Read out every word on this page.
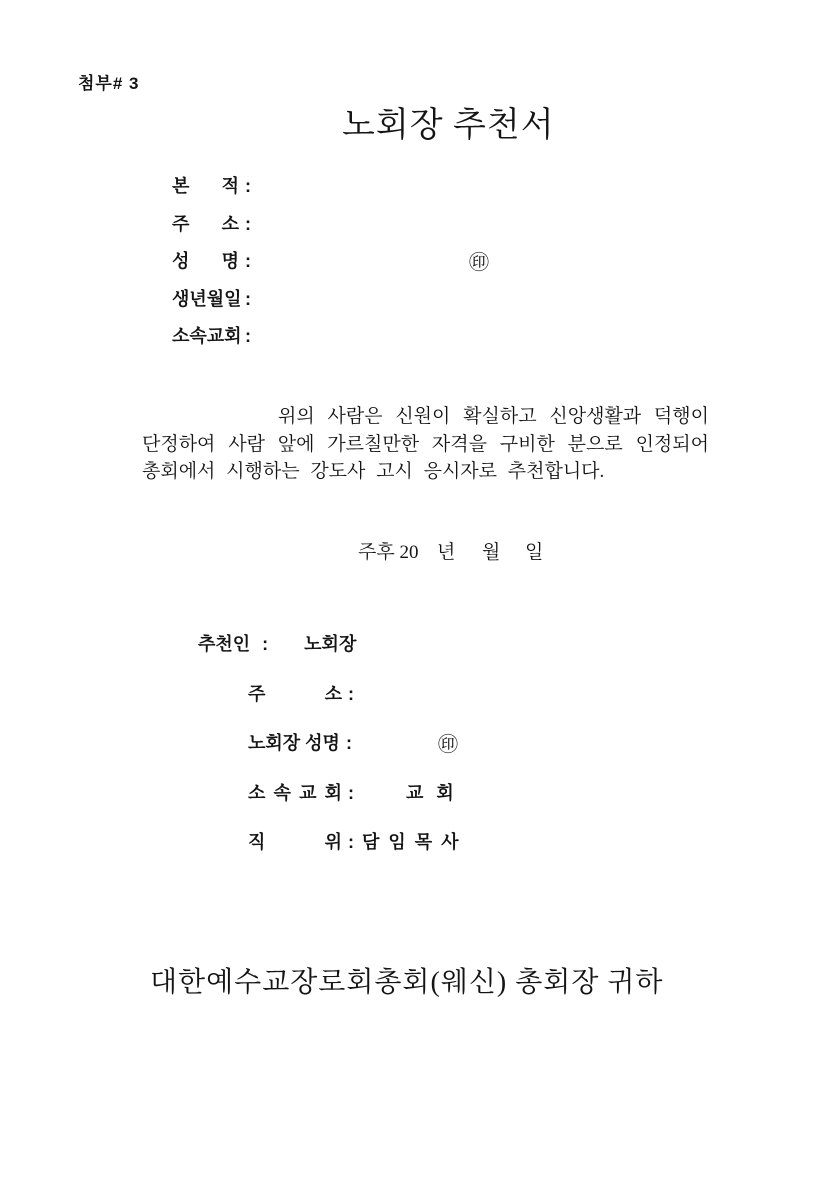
첨부# 3
노회장 추천서
본 적 :
주 소 :
성 명 :	㊞
생년월일 :
소속교회 :
위의 사람은 신원이 확실하고 신앙생활과 덕행이 단정하여 사람 앞에 가르칠만한 자격을 구비한 분으로 인정되어 총회에서 시행하는 강도사 고시 응시자로 추천합니다.
주후 20 년 월 일
추천인 : 노회장
주 소 :
노회장 성명 :	㊞
소 속 교 회 :	교 회
직 위 : 담 임 목 사
대한예수교장로회총회(웨신) 총회장 귀하
